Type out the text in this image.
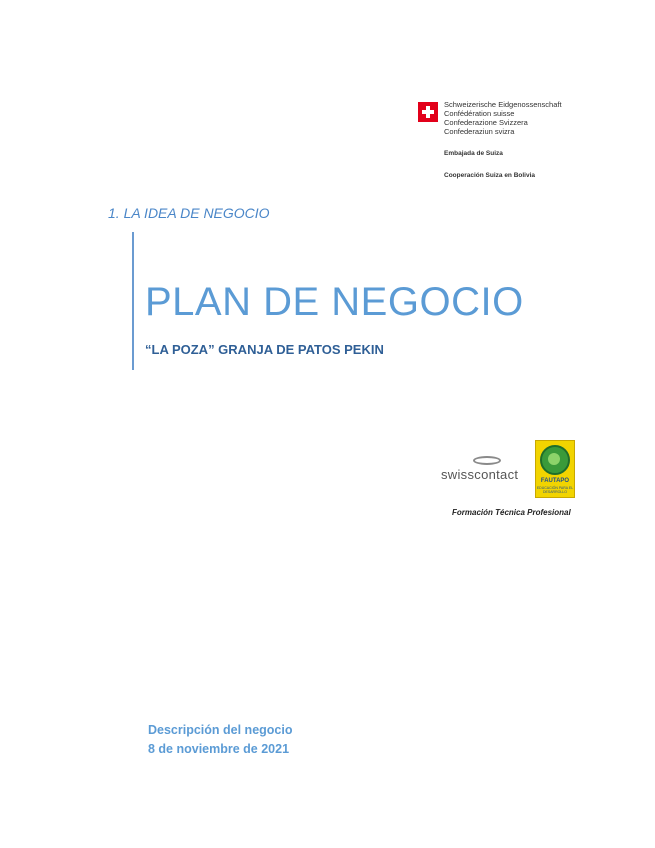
Schweizerische Eidgenossenschaft
Confédération suisse
Confederazione Svizzera
Confederaziun svizra
Embajada de Suiza
Cooperación Suiza en Bolivia
1. LA IDEA DE NEGOCIO
PLAN DE NEGOCIO
“LA POZA” GRANJA DE PATOS PEKIN
swisscontact	FAUTAPO
EDUCACIÓN PARA EL DESARROLLO
Formación Técnica Profesional
Descripción del negocio
8 de noviembre de 2021
